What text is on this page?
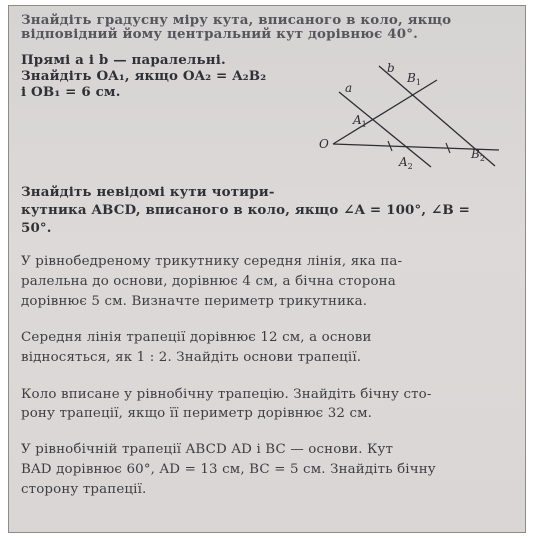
Знайдіть градусну міру кута, вписаного в коло, якщо
відповідний йому центральний кут дорівнює 40°.
Прямі a і b — паралельні.
Знайдіть OA₁, якщо OA₂ = A₂B₂
і OB₁ = 6 см.	a
b
O
$A_1$
$A_2$
$B_1$
$B_2$
Знайдіть невідомі кути чотири-
кутника ABCD, вписаного в коло, якщо ∠A = 100°, ∠B =
50°.
У рівнобедреному трикутнику середня лінія, яка па-
ралельна до основи, дорівнює 4 см, а бічна сторона
дорівнює 5 см. Визначте периметр трикутника.
Середня лінія трапеції дорівнює 12 см, а основи
відносяться, як 1 : 2. Знайдіть основи трапеції.
Коло вписане у рівнобічну трапецію. Знайдіть бічну сто-
рону трапеції, якщо її периметр дорівнює 32 см.
У рівнобічній трапеції ABCD AD і BC — основи. Кут
BAD дорівнює 60°, AD = 13 см, BC = 5 см. Знайдіть бічну
сторону трапеції.
